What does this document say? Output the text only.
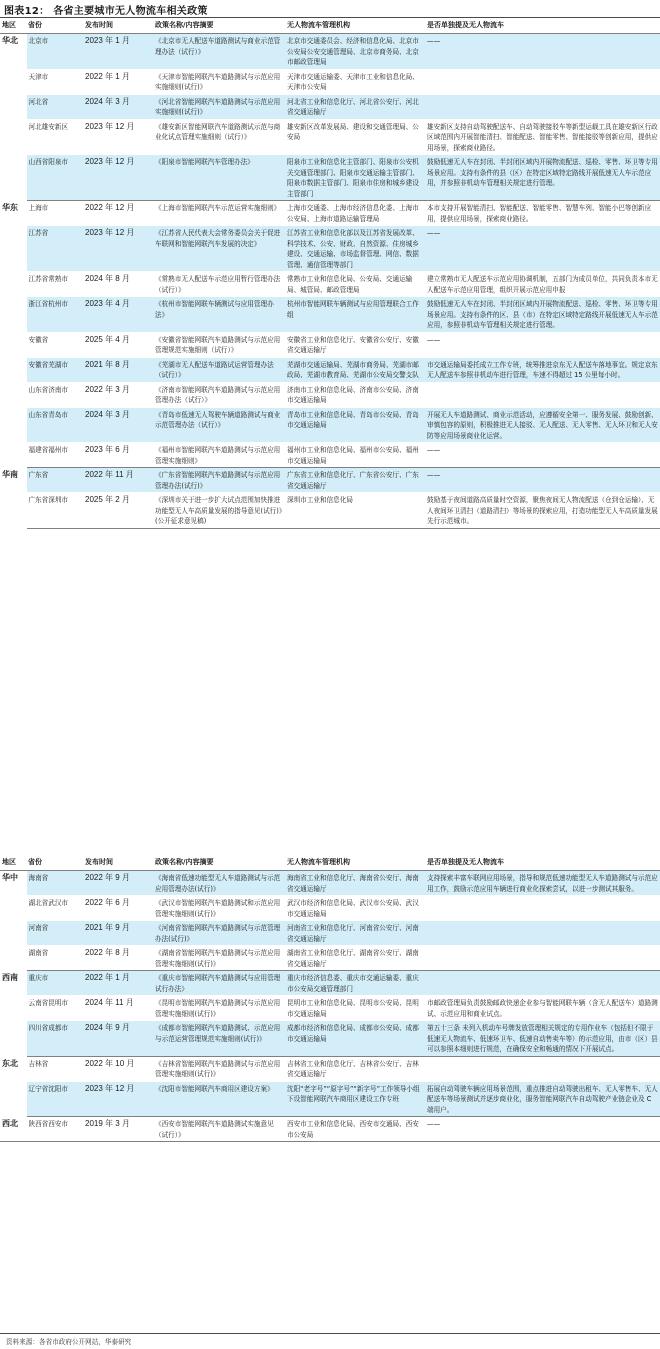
图表12： 各省主要城市无人物流车相关政策
地区	省份	发布时间	政策名称/内容摘要	无人物流车管理机构	是否单独提及无人物流车
华北	北京市	2023 年 1 月	《北京市无人配送车道路测试与商业示范管理办法（试行）》	北京市交通委员会、经济和信息化局、北京市公安局公安交通管理局、北京市商务局、北京市邮政管理局	——
	天津市	2022 年 1 月	《天津市智能网联汽车道路测试与示范应用实施细则(试行)》	天津市交通运输委、天津市工业和信息化局、天津市公安局	
	河北省	2024 年 3 月	《河北省智能网联汽车道路测试与示范应用实施细则(试行)》	河北省工业和信息化厅、河北省公安厅、河北省交通运输厅	
	河北雄安新区	2023 年 12 月	《雄安新区智能网联汽车道路测试示范与商业化试点管理实施细则（试行）》	雄安新区改革发展局、建设和交通管理局、公安局	雄安新区支持自动驾驶配送车、自动驾驶接驳车等新型运载工具在雄安新区行政区域范围内开展智能清扫、智能配送、智能零售、智能接驳等创新应用，提供应用场景，探索商业路径。
	山西省阳泉市	2023 年 12 月	《阳泉市智能网联汽车管理办法》	阳泉市工业和信息化主管部门、阳泉市公安机关交通管理部门、阳泉市交通运输主管部门、阳泉市数据主管部门、阳泉市住房和城乡建设主管部门	鼓励低速无人车在封闭、半封闭区域内开展物流配送、巡检、零售、环卫等专用场景应用。支持有条件的县（区）在特定区域特定路线开展低速无人车示范应用，并参照非机动车管理相关规定进行管理。
华东	上海市	2022 年 12 月	《上海市智能网联汽车示范运营实施细则》	上海市交通委、上海市经济信息化委、上海市公安局、上海市道路运输管理局	本市支持开展智能清扫、智能配送、智能零售、智慧车列、智能小巴等创新应用，提供应用场景，探索商业路径。
	江苏省	2023 年 12 月	《江苏省人民代表大会常务委员会关于促进车联网和智能网联汽车发展的决定》	江苏省工业和信息化部以及江苏省发展改革、科学技术、公安、财政、自然资源、住房城乡建设、交通运输、市场监督管理、网信、数据管理、通信管理等部门	——
	江苏省常熟市	2024 年 8 月	《常熟市无人配送车示范应用暂行管理办法（试行）》	常熟市工业和信息化局、公安局、交通运输局、城管局、邮政管理局	建立常熟市无人配送车示范应用协调机制，五部门为成员单位，共同负责本市无人配送车示范应用管理，组织开展示范应用申报
	浙江省杭州市	2023 年 4 月	《杭州市智能网联车辆测试与应用管理办法》	杭州市智能网联车辆测试与应用管理联合工作组	鼓励低速无人车在封闭、半封闭区域内开展物流配送、巡检、零售、环卫等专用场景应用。支持有条件的区、县（市）在特定区域特定路线开展低速无人车示范应用，参照非机动车管理相关规定进行管理。
	安徽省	2025 年 4 月	《安徽省智能网联汽车道路测试与示范应用管理规范实施细则（试行）》	安徽省工业和信息化厅、安徽省公安厅、安徽省交通运输厅	——
	安徽省芜湖市	2021 年 8 月	《芜湖市无人配送车道路试运营管理办法（试行）》	芜湖市交通运输局、芜湖市商务局、芜湖市邮政局、芜湖市教育局、芜湖市公安局交警支队	市交通运输局委托成立工作专班，统筹推进京东无人配送车落地事宜。规定京东无人配送车参照非机动车进行管理，车速不得超过 15 公里每小时。
	山东省济南市	2022 年 3 月	《济南市智能网联汽车道路测试与示范应用管理办法（试行）》	济南市工业和信息化局、济南市公安局、济南市交通运输局	
	山东省青岛市	2024 年 3 月	《青岛市低速无人驾驶车辆道路测试与商业示范管理办法（试行）》	青岛市工业和信息化局、青岛市公安局、青岛市交通运输局	开展无人车道路测试、商业示范活动，应遵循安全第一、服务发展、鼓励创新、审慎包容的原则，积极推进无人接驳、无人配送、无人零售、无人环卫和无人安防等应用场景商业化运营。
	福建省福州市	2023 年 6 月	《福州市智能网联汽车道路测试与示范应用管理实施细则》	福州市工业和信息化局、福州市公安局、福州市交通运输局	——
华南	广东省	2022 年 11 月	《广东省智能网联汽车道路测试与示范应用管理办法(试行)》	广东省工业和信息化厅、广东省公安厅、广东省交通运输厅	——
	广东省深圳市	2025 年 2 月	《深圳市关于进一步扩大试点范围加快推进功能型无人车高质量发展的指导意见(试行)》(公开征求意见稿)	深圳市工业和信息化局	鼓励基于夜间道路高质量时空资源，聚焦夜间无人物流配送（仓到仓运输）、无人夜间环卫清扫（道路清扫）等场景的探索应用，打造功能型无人车高质量发展先行示范城市。
地区	省份	发布时间	政策名称/内容摘要	无人物流车管理机构	是否单独提及无人物流车
华中	海南省	2022 年 9 月	《海南省低速功能型无人车道路测试与示范应用管理办法(试行)》	海南省工业和信息化厅、海南省公安厅、海南省交通运输厅	支持探索丰富车联网应用场景，指导和规范低速功能型无人车道路测试与示范应用工作，鼓励示范应用车辆进行商业化探索尝试，以进一步测试其服务。
	湖北省武汉市	2022 年 6 月	《武汉市智能网联汽车道路测试和示范应用管理实施细则(试行)》	武汉市经济和信息化局、武汉市公安局、武汉市交通运输局	
	河南省	2021 年 9 月	《河南省智能网联汽车道路测试与示范管理办法(试行)》	河南省工业和信息化厅、河南省公安厅、河南省交通运输厅	
	湖南省	2022 年 8 月	《湖南省智能网联汽车道路测试与示范应用管理实施细则(试行)》	湖南省工业和信息化厅、湖南省公安厅、湖南省交通运输厅	
西南	重庆市	2022 年 1 月	《重庆市智能网联汽车道路测试与应用管理试行办法》	重庆市经济信息委、重庆市交通运输委、重庆市公安局交通管理部门	
	云南省昆明市	2024 年 11 月	《昆明市智能网联汽车道路测试与示范应用管理实施细则(试行)》	昆明市工业和信息化局、昆明市公安局、昆明市交通运输局	市邮政管理局负责鼓励邮政快递企业参与智能网联车辆（含无人配送车）道路测试、示范应用和商业试点。
	四川省成都市	2024 年 9 月	《成都市智能网联汽车道路测试、示范应用与示范运营管理规范实施细则(试行)》	成都市经济和信息化局、成都市公安局、成都市交通运输局	第五十三条 未列入机动车号牌发放管理相关规定的专用作业车（包括但不限于低速无人物流车、低速环卫车、低速自动售卖车等）的示范应用，由市（区）县可以参照本细则进行规范，在确保安全和畅通的情况下开展试点。
东北	吉林省	2022 年 10 月	《吉林省智能网联汽车道路测试与示范应用管理实施细则(试行)》	吉林省工业和信息化厅、吉林省公安厅、吉林省交通运输厅	
	辽宁省沈阳市	2023 年 12 月	《沈阳市智能网联汽车商用区建设方案》	沈阳“老字号”“原字号”“新字号”工作领导小组下设智能网联汽车商用区建设工作专班	拓展自动驾驶车辆应用场景范围，重点推进自动驾驶出租车、无人零售车、无人配送车等场景测试并逐步商业化，服务智能网联汽车自动驾驶产业链企业及 C 端用户。
西北	陕西省西安市	2019 年 3 月	《西安市智能网联汽车道路测试实施意见（试行）》	西安市工业和信息化局、西安市交通局、西安市公安局	——
资料来源：各省市政府公开网站，华泰研究
